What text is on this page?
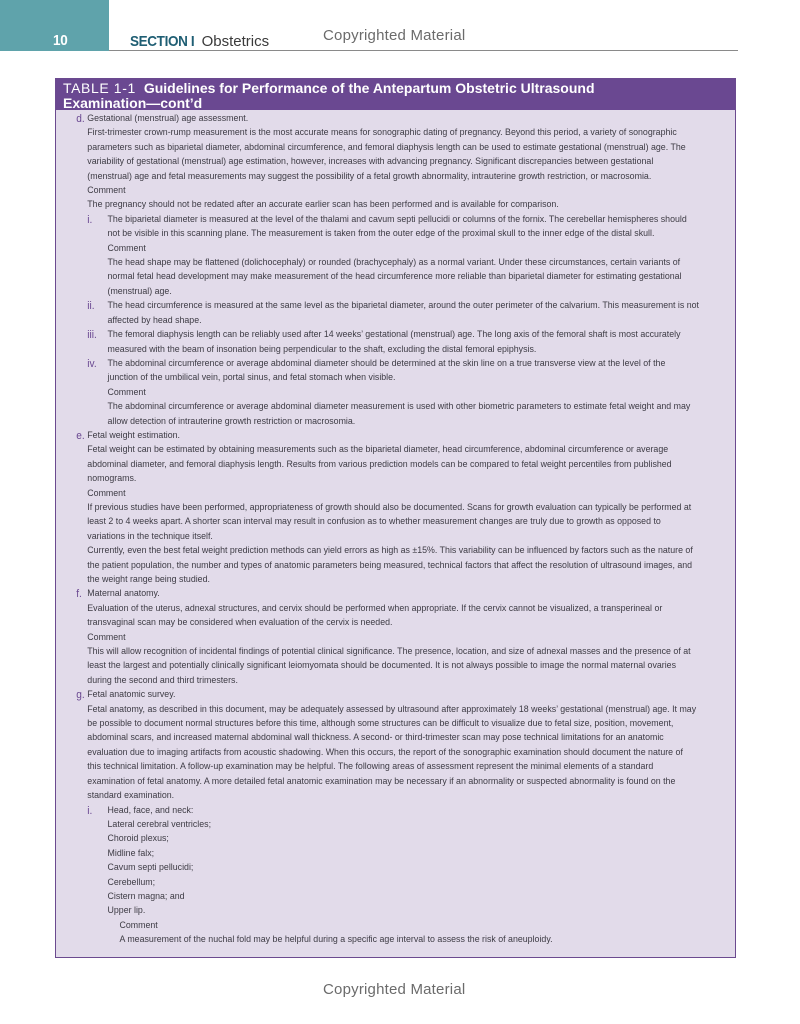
10	SECTION I Obstetrics	Copyrighted Material
TABLE 1-1 Guidelines for Performance of the Antepartum Obstetric Ultrasound
Examination—cont’d
d. Gestational (menstrual) age assessment.
First-trimester crown-rump measurement is the most accurate means for sonographic dating of pregnancy. Beyond this period, a variety of sonographic
parameters such as biparietal diameter, abdominal circumference, and femoral diaphysis length can be used to estimate gestational (menstrual) age. The
variability of gestational (menstrual) age estimation, however, increases with advancing pregnancy. Significant discrepancies between gestational
(menstrual) age and fetal measurements may suggest the possibility of a fetal growth abnormality, intrauterine growth restriction, or macrosomia.
Comment
The pregnancy should not be redated after an accurate earlier scan has been performed and is available for comparison.
i. The biparietal diameter is measured at the level of the thalami and cavum septi pellucidi or columns of the fornix. The cerebellar hemispheres should
not be visible in this scanning plane. The measurement is taken from the outer edge of the proximal skull to the inner edge of the distal skull.
Comment
The head shape may be flattened (dolichocephaly) or rounded (brachycephaly) as a normal variant. Under these circumstances, certain variants of
normal fetal head development may make measurement of the head circumference more reliable than biparietal diameter for estimating gestational
(menstrual) age.
ii. The head circumference is measured at the same level as the biparietal diameter, around the outer perimeter of the calvarium. This measurement is not
affected by head shape.
iii. The femoral diaphysis length can be reliably used after 14 weeks’ gestational (menstrual) age. The long axis of the femoral shaft is most accurately
measured with the beam of insonation being perpendicular to the shaft, excluding the distal femoral epiphysis.
iv. The abdominal circumference or average abdominal diameter should be determined at the skin line on a true transverse view at the level of the
junction of the umbilical vein, portal sinus, and fetal stomach when visible.
Comment
The abdominal circumference or average abdominal diameter measurement is used with other biometric parameters to estimate fetal weight and may
allow detection of intrauterine growth restriction or macrosomia.
e. Fetal weight estimation.
Fetal weight can be estimated by obtaining measurements such as the biparietal diameter, head circumference, abdominal circumference or average
abdominal diameter, and femoral diaphysis length. Results from various prediction models can be compared to fetal weight percentiles from published
nomograms.
Comment
If previous studies have been performed, appropriateness of growth should also be documented. Scans for growth evaluation can typically be performed at
least 2 to 4 weeks apart. A shorter scan interval may result in confusion as to whether measurement changes are truly due to growth as opposed to
variations in the technique itself.
Currently, even the best fetal weight prediction methods can yield errors as high as ±15%. This variability can be influenced by factors such as the nature of
the patient population, the number and types of anatomic parameters being measured, technical factors that affect the resolution of ultrasound images, and
the weight range being studied.
f. Maternal anatomy.
Evaluation of the uterus, adnexal structures, and cervix should be performed when appropriate. If the cervix cannot be visualized, a transperineal or
transvaginal scan may be considered when evaluation of the cervix is needed.
Comment
This will allow recognition of incidental findings of potential clinical significance. The presence, location, and size of adnexal masses and the presence of at
least the largest and potentially clinically significant leiomyomata should be documented. It is not always possible to image the normal maternal ovaries
during the second and third trimesters.
g. Fetal anatomic survey.
Fetal anatomy, as described in this document, may be adequately assessed by ultrasound after approximately 18 weeks’ gestational (menstrual) age. It may
be possible to document normal structures before this time, although some structures can be difficult to visualize due to fetal size, position, movement,
abdominal scars, and increased maternal abdominal wall thickness. A second- or third-trimester scan may pose technical limitations for an anatomic
evaluation due to imaging artifacts from acoustic shadowing. When this occurs, the report of the sonographic examination should document the nature of
this technical limitation. A follow-up examination may be helpful. The following areas of assessment represent the minimal elements of a standard
examination of fetal anatomy. A more detailed fetal anatomic examination may be necessary if an abnormality or suspected abnormality is found on the
standard examination.
i. Head, face, and neck:
Lateral cerebral ventricles;
Choroid plexus;
Midline falx;
Cavum septi pellucidi;
Cerebellum;
Cistern magna; and
Upper lip.
Comment
A measurement of the nuchal fold may be helpful during a specific age interval to assess the risk of aneuploidy.
Copyrighted Material
